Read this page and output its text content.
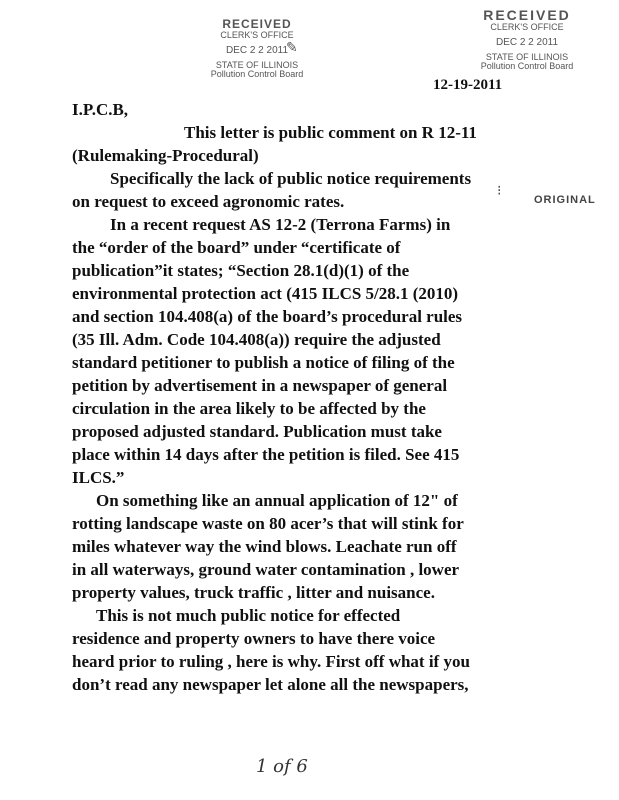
RECEIVED
CLERK'S OFFICE
DEC 2 2 2011
STATE OF ILLINOIS
Pollution Control Board
✎
RECEIVED
CLERK'S OFFICE
DEC 2 2 2011
STATE OF ILLINOIS
Pollution Control Board
12-19-2011
⁝
ORIGINAL
I.P.C.B,
This letter is public comment on R 12-11
(Rulemaking-Procedural)
Specifically the lack of public notice requirements
on request to exceed agronomic rates.
In a recent request AS 12-2 (Terrona Farms) in
the “order of the board” under “certificate of
publication”it states; “Section 28.1(d)(1) of the
environmental protection act (415 ILCS 5/28.1 (2010)
and section 104.408(a) of the board’s procedural rules
(35 Ill. Adm. Code 104.408(a)) require the adjusted
standard petitioner to publish a notice of filing of the
petition by advertisement in a newspaper of general
circulation in the area likely to be affected by the
proposed adjusted standard. Publication must take
place within 14 days after the petition is filed. See 415
ILCS.”
On something like an annual application of 12" of
rotting landscape waste on 80 acer’s that will stink for
miles whatever way the wind blows. Leachate run off
in all waterways, ground water contamination , lower
property values, truck traffic , litter and nuisance.
This is not much public notice for effected
residence and property owners to have there voice
heard prior to ruling , here is why. First off what if you
don’t read any newspaper let alone all the newspapers,
1 of 6
